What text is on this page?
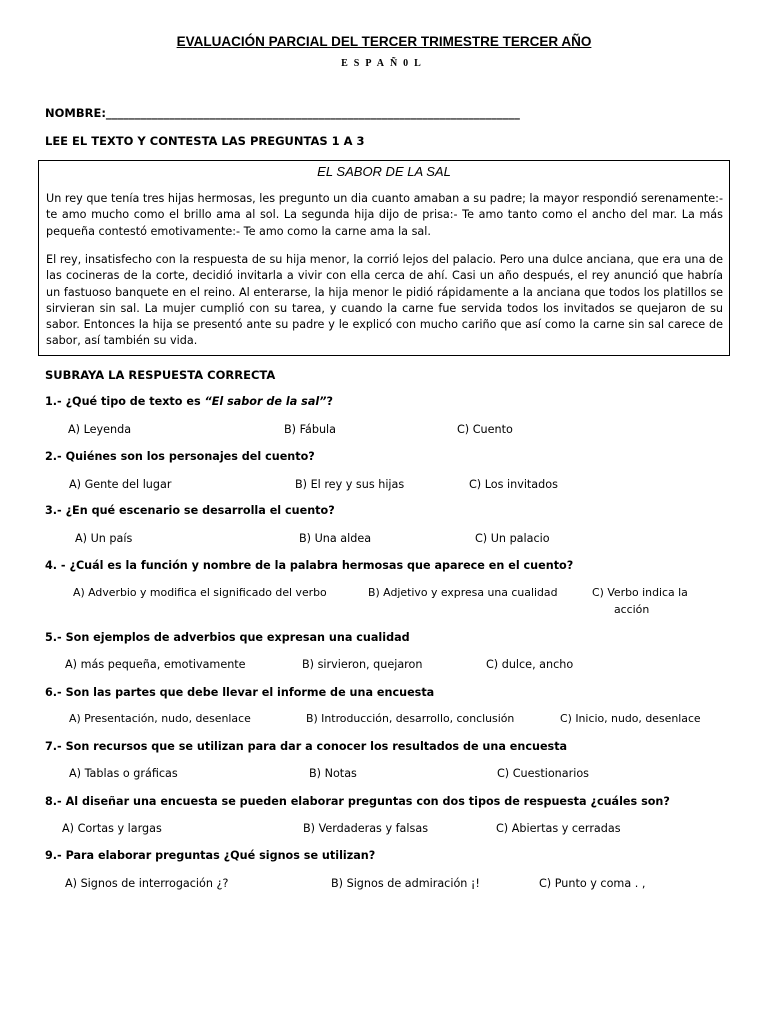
EVALUACIÓN PARCIAL DEL TERCER TRIMESTRE TERCER AÑO
ESPAÑ0L
NOMBRE:________________________________________________________________________
LEE EL TEXTO Y CONTESTA LAS PREGUNTAS 1 A 3
EL SABOR DE LA SAL
Un rey que tenía tres hijas hermosas, les pregunto un dia cuanto amaban a su padre; la mayor respondió serenamente:- te amo mucho como el brillo ama al sol. La segunda hija dijo de prisa:- Te amo tanto como el ancho del mar. La más pequeña contestó emotivamente:- Te amo como la carne ama la sal.
El rey, insatisfecho con la respuesta de su hija menor, la corrió lejos del palacio. Pero una dulce anciana, que era una de las cocineras de la corte, decidió invitarla a vivir con ella cerca de ahí. Casi un año después, el rey anunció que habría un fastuoso banquete en el reino. Al enterarse, la hija menor le pidió rápidamente a la anciana que todos los platillos se sirvieran sin sal. La mujer cumplió con su tarea, y cuando la carne fue servida todos los invitados se quejaron de su sabor. Entonces la hija se presentó ante su padre y le explicó con mucho cariño que así como la carne sin sal carece de sabor, así también su vida.
SUBRAYA LA RESPUESTA CORRECTA
1.- ¿Qué tipo de texto es “El sabor de la sal”?
A) Leyenda	B) Fábula	C) Cuento
2.- Quiénes son los personajes del cuento?
A) Gente del lugar	B) El rey y sus hijas	C) Los invitados
3.- ¿En qué escenario se desarrolla el cuento?
A) Un país	B) Una aldea	C) Un palacio
4. - ¿Cuál es la función y nombre de la palabra hermosas que aparece en el cuento?
A) Adverbio y modifica el significado del verbo	B) Adjetivo y expresa una cualidad	C) Verbo indica la
acción
5.- Son ejemplos de adverbios que expresan una cualidad
A) más pequeña, emotivamente	B) sirvieron, quejaron	C) dulce, ancho
6.- Son las partes que debe llevar el informe de una encuesta
A) Presentación, nudo, desenlace	B) Introducción, desarrollo, conclusión	C) Inicio, nudo, desenlace
7.- Son recursos que se utilizan para dar a conocer los resultados de una encuesta
A) Tablas o gráficas	B) Notas	C) Cuestionarios
8.- Al diseñar una encuesta se pueden elaborar preguntas con dos tipos de respuesta ¿cuáles son?
A) Cortas y largas	B) Verdaderas y falsas	C) Abiertas y cerradas
9.- Para elaborar preguntas ¿Qué signos se utilizan?
A) Signos de interrogación ¿?	B) Signos de admiración ¡!	C) Punto y coma . ,
